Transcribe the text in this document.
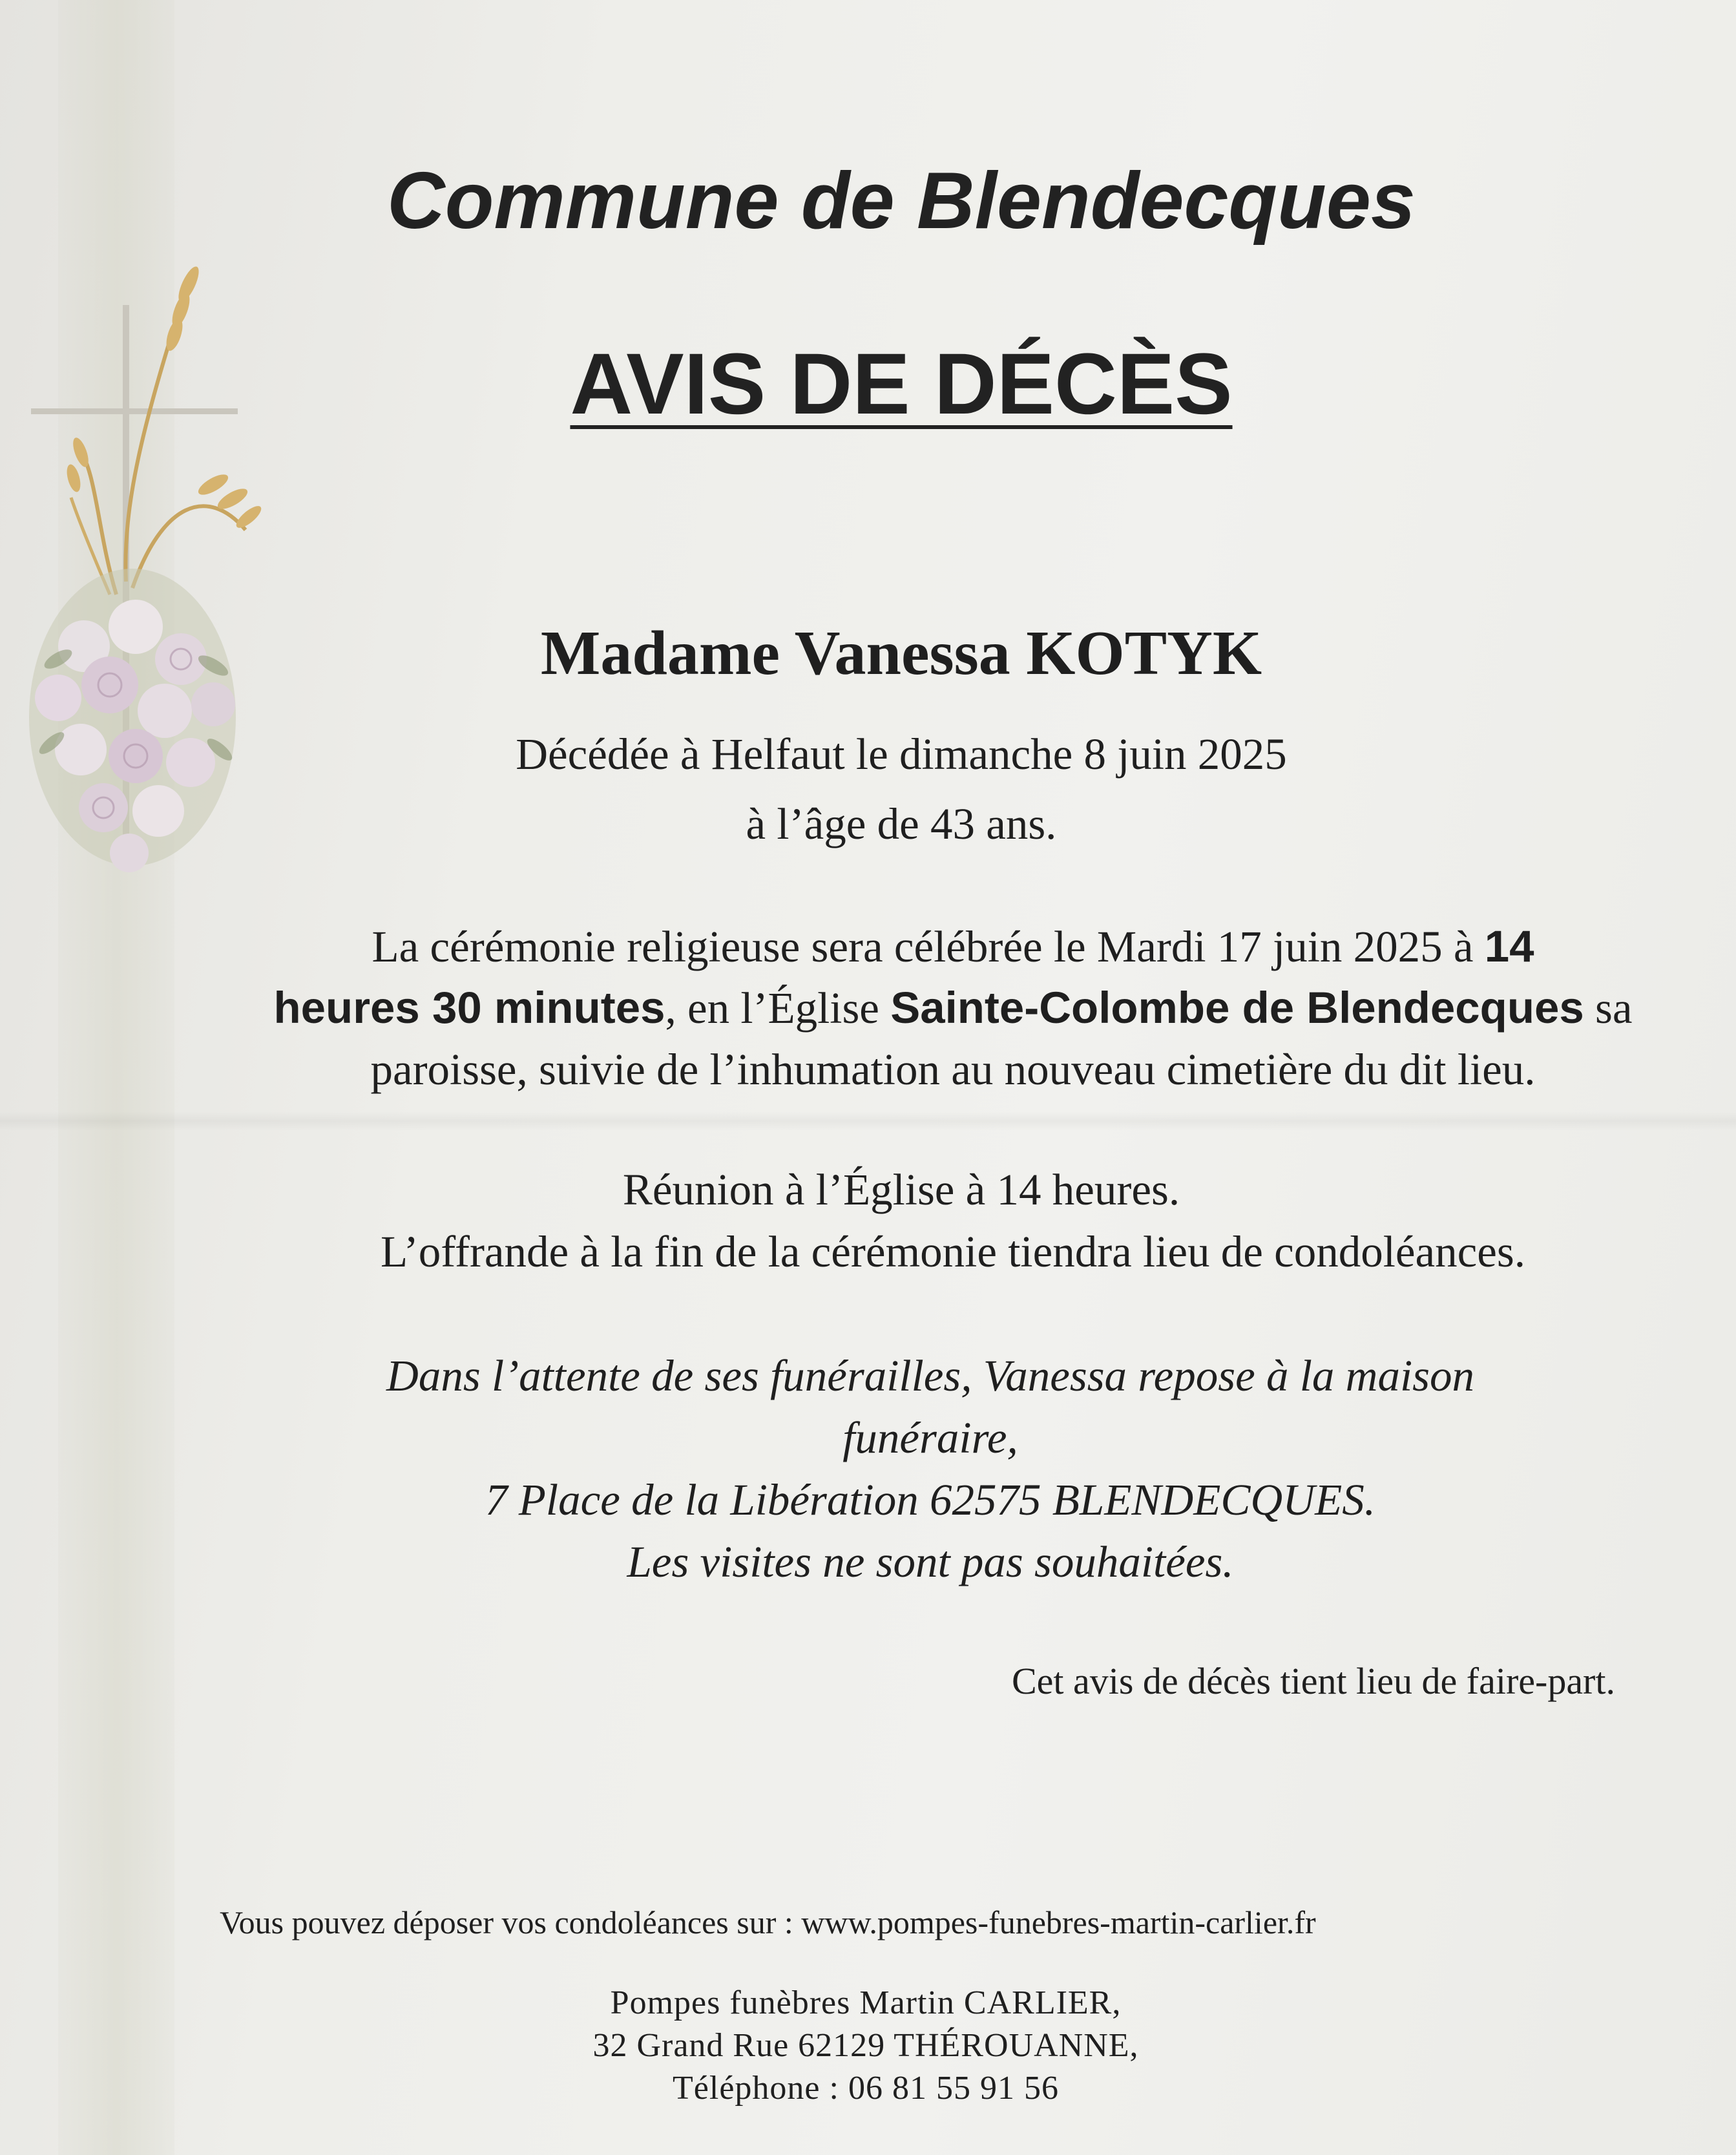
Commune de Blendecques
AVIS DE DÉCÈS
Madame Vanessa KOTYK
Décédée à Helfaut le dimanche 8 juin 2025
à l’âge de 43 ans.
La cérémonie religieuse sera célébrée le Mardi 17 juin 2025 à 14
heures 30 minutes, en l’Église Sainte-Colombe de Blendecques sa
paroisse, suivie de l’inhumation au nouveau cimetière du dit lieu.
Réunion à l’Église à 14 heures.
L’offrande à la fin de la cérémonie tiendra lieu de condoléances.
Dans l’attente de ses funérailles, Vanessa repose à la maison
funéraire,
7 Place de la Libération 62575 BLENDECQUES.
Les visites ne sont pas souhaitées.
Cet avis de décès tient lieu de faire-part.
Vous pouvez déposer vos condoléances sur : www.pompes-funebres-martin-carlier.fr
Pompes funèbres Martin CARLIER,
32 Grand Rue 62129 THÉROUANNE,
Téléphone : 06 81 55 91 56
